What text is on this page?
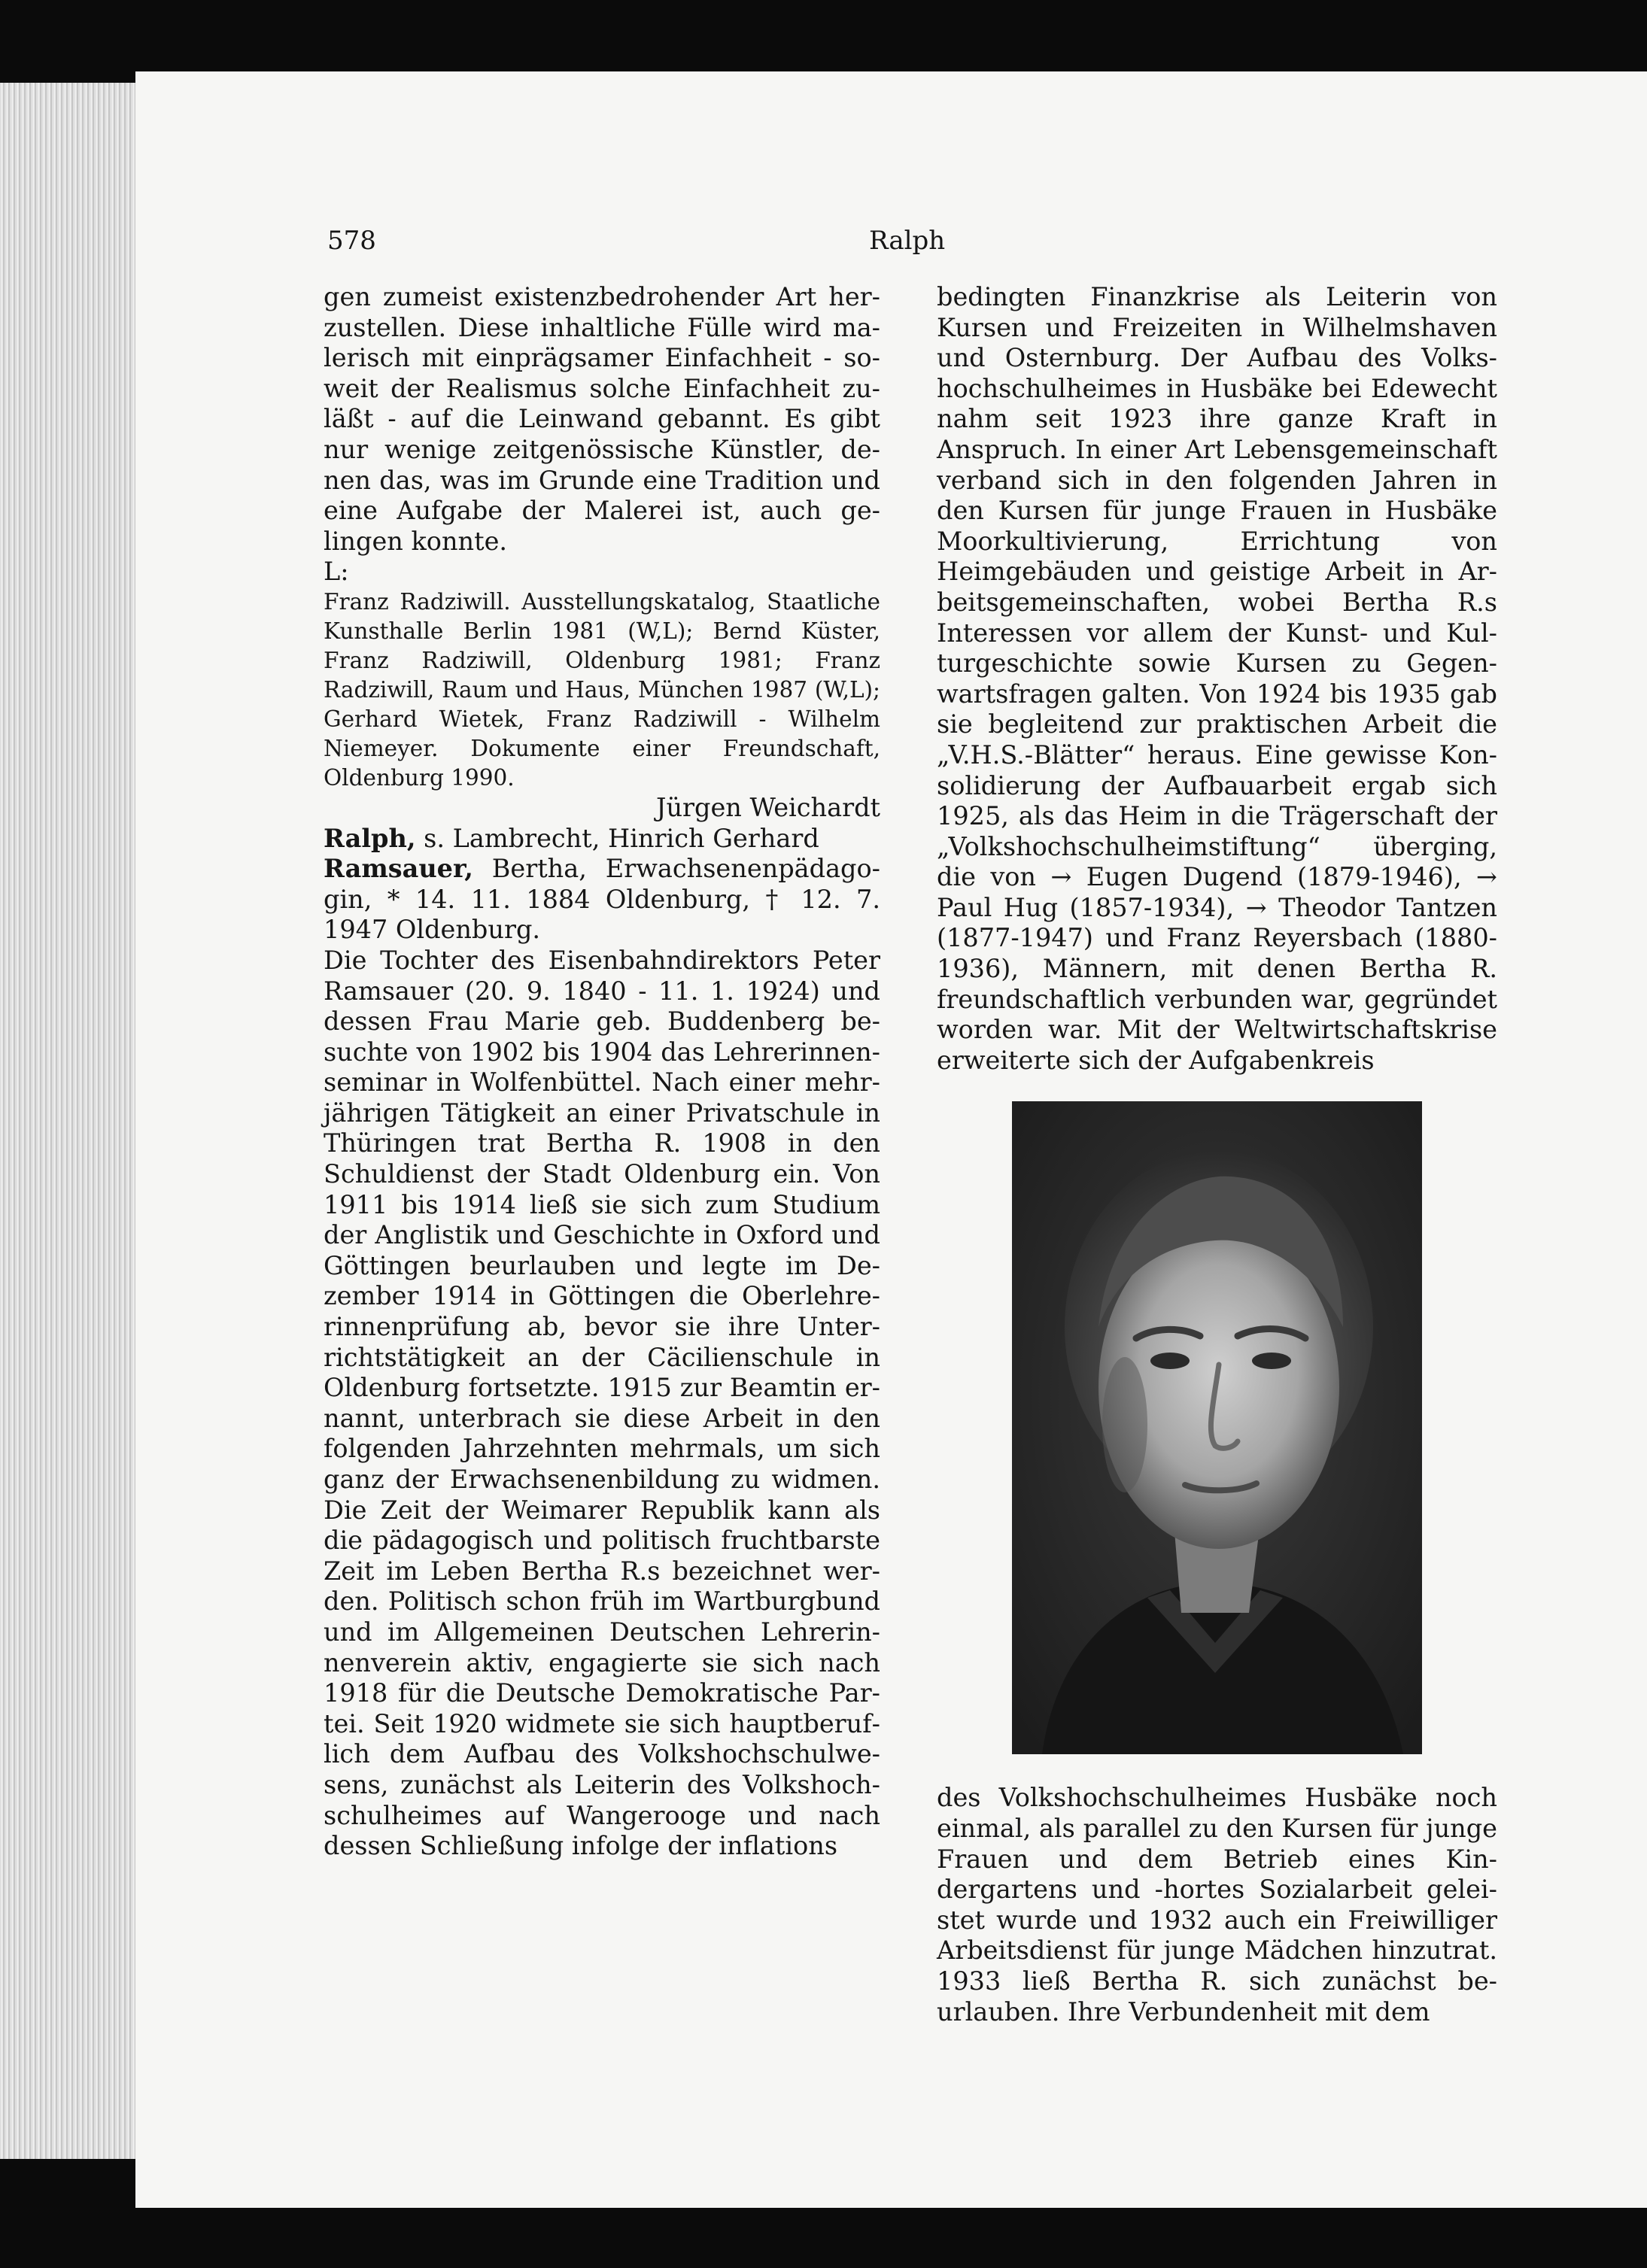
578	Ralph

gen zumeist existenzbedrohender Art herzustellen. Diese inhaltliche Fülle wird malerisch mit einprägsamer Einfachheit - soweit der Realismus solche Einfachheit zuläßt - auf die Leinwand gebannt. Es gibt nur wenige zeitgenössische Künstler, denen das, was im Grunde eine Tradition und eine Aufgabe der Malerei ist, auch gelingen konnte.

L:

Franz Radziwill. Ausstellungskatalog, Staatliche Kunsthalle Berlin 1981 (W,L); Bernd Küster, Franz Radziwill, Oldenburg 1981; Franz Radziwill, Raum und Haus, München 1987 (W,L); Gerhard Wietek, Franz Radziwill - Wilhelm Niemeyer. Dokumente einer Freundschaft, Oldenburg 1990.

Jürgen Weichardt

Ralph, s. Lambrecht, Hinrich Gerhard

Ramsauer, Bertha, Erwachsenenpädagogin, * 14. 11. 1884 Oldenburg, † 12. 7. 1947 Oldenburg.

Die Tochter des Eisenbahndirektors Peter Ramsauer (20. 9. 1840 - 11. 1. 1924) und dessen Frau Marie geb. Buddenberg besuchte von 1902 bis 1904 das Lehrerinnenseminar in Wolfenbüttel. Nach einer mehrjährigen Tätigkeit an einer Privatschule in Thüringen trat Bertha R. 1908 in den Schuldienst der Stadt Oldenburg ein. Von 1911 bis 1914 ließ sie sich zum Studium der Anglistik und Geschichte in Oxford und Göttingen beurlauben und legte im Dezember 1914 in Göttingen die Oberlehrerinnenprüfung ab, bevor sie ihre Unterrichtstätigkeit an der Cäcilienschule in Oldenburg fortsetzte. 1915 zur Beamtin ernannt, unterbrach sie diese Arbeit in den folgenden Jahrzehnten mehrmals, um sich ganz der Erwachsenenbildung zu widmen. Die Zeit der Weimarer Republik kann als die pädagogisch und politisch fruchtbarste Zeit im Leben Bertha R.s bezeichnet werden. Politisch schon früh im Wartburgbund und im Allgemeinen Deutschen Lehrerinnenverein aktiv, engagierte sie sich nach 1918 für die Deutsche Demokratische Partei. Seit 1920 widmete sie sich hauptberuflich dem Aufbau des Volkshochschulwesens, zunächst als Leiterin des Volkshochschulheimes auf Wangerooge und nach dessen Schließung infolge der inflations

bedingten Finanzkrise als Leiterin von Kursen und Freizeiten in Wilhelmshaven und Osternburg. Der Aufbau des Volkshochschulheimes in Husbäke bei Edewecht nahm seit 1923 ihre ganze Kraft in Anspruch. In einer Art Lebensgemeinschaft verband sich in den folgenden Jahren in den Kursen für junge Frauen in Husbäke Moorkultivierung, Errichtung von Heimgebäuden und geistige Arbeit in Arbeitsgemeinschaften, wobei Bertha R.s Interessen vor allem der Kunst- und Kulturgeschichte sowie Kursen zu Gegenwartsfragen galten. Von 1924 bis 1935 gab sie begleitend zur praktischen Arbeit die „V.H.S.-Blätter“ heraus. Eine gewisse Konsolidierung der Aufbauarbeit ergab sich 1925, als das Heim in die Trägerschaft der „Volkshochschulheimstiftung“ überging, die von → Eugen Dugend (1879-1946), → Paul Hug (1857-1934), → Theodor Tantzen (1877-1947) und Franz Reyersbach (1880-1936), Männern, mit denen Bertha R. freundschaftlich verbunden war, gegründet worden war. Mit der Weltwirtschaftskrise erweiterte sich der Aufgabenkreis

des Volkshochschulheimes Husbäke noch einmal, als parallel zu den Kursen für junge Frauen und dem Betrieb eines Kindergartens und -hortes Sozialarbeit geleistet wurde und 1932 auch ein Freiwilliger Arbeitsdienst für junge Mädchen hinzutrat. 1933 ließ Bertha R. sich zunächst beurlauben. Ihre Verbundenheit mit dem
